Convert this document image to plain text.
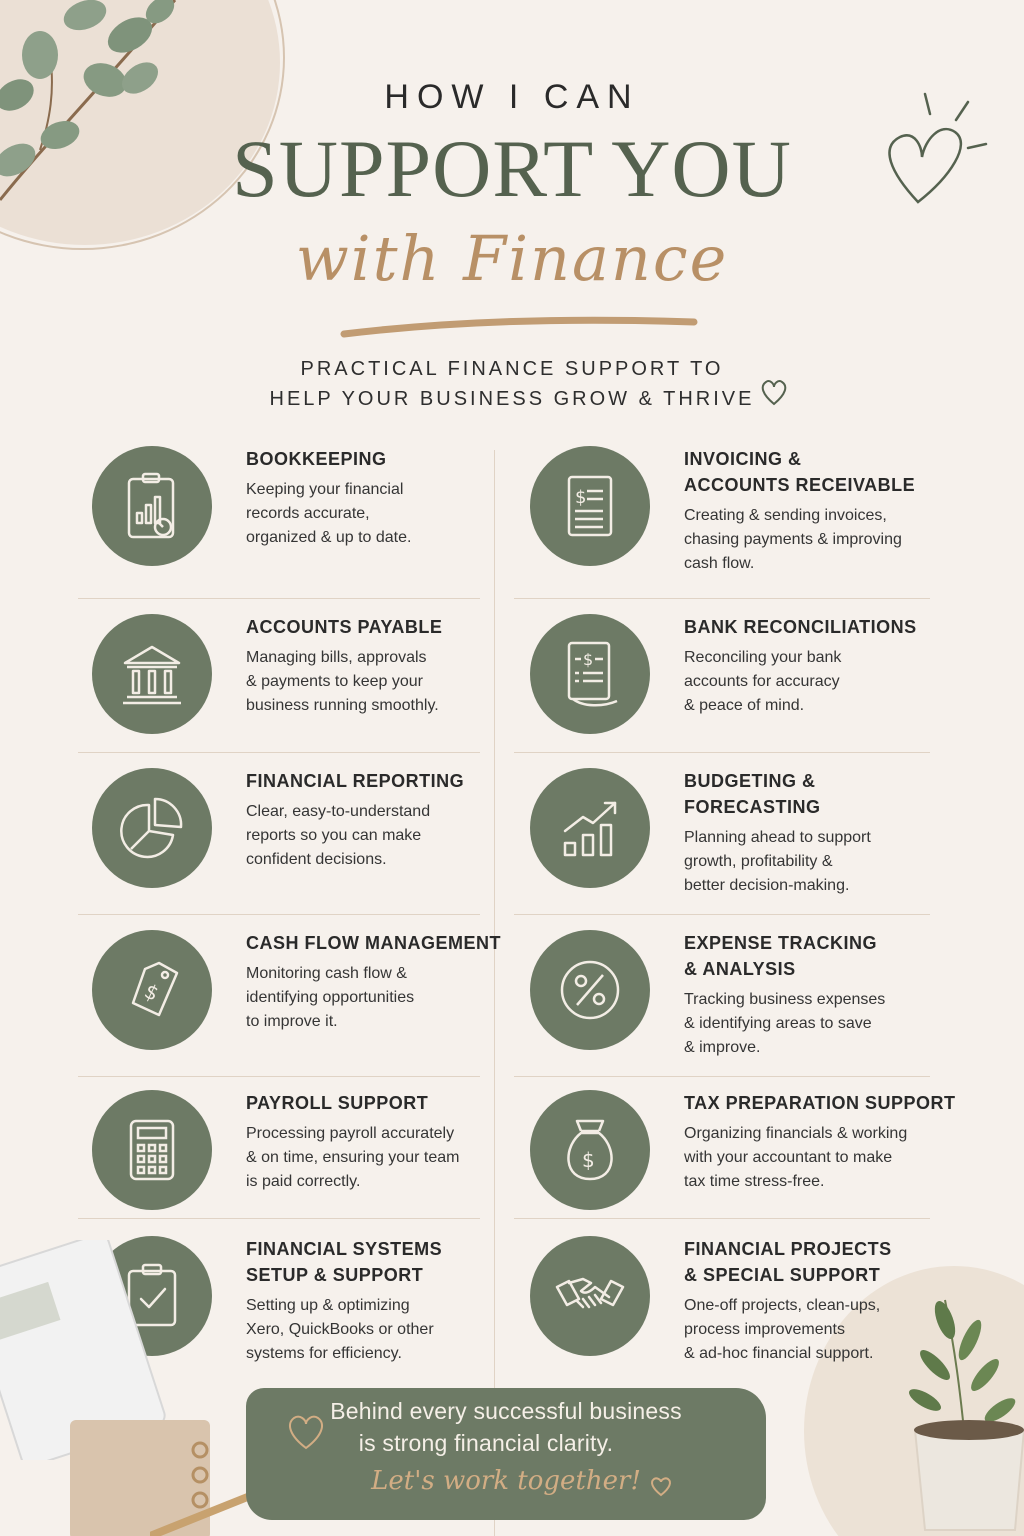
HOW I CAN
SUPPORT YOU
with Finance
PRACTICAL FINANCE SUPPORT TO
HELP YOUR BUSINESS GROW & THRIVE
BOOKKEEPING
Keeping your financial
records accurate,
organized & up to date.
$
INVOICING &
ACCOUNTS RECEIVABLE
Creating & sending invoices,
chasing payments & improving
cash flow.
ACCOUNTS PAYABLE
Managing bills, approvals
& payments to keep your
business running smoothly.
$
BANK RECONCILIATIONS
Reconciling your bank
accounts for accuracy
& peace of mind.
FINANCIAL REPORTING
Clear, easy-to-understand
reports so you can make
confident decisions.
BUDGETING &
FORECASTING
Planning ahead to support
growth, profitability &
better decision-making.
$
CASH FLOW MANAGEMENT
Monitoring cash flow &
identifying opportunities
to improve it.
EXPENSE TRACKING
& ANALYSIS
Tracking business expenses
& identifying areas to save
& improve.
PAYROLL SUPPORT
Processing payroll accurately
& on time, ensuring your team
is paid correctly.
$
TAX PREPARATION SUPPORT
Organizing financials & working
with your accountant to make
tax time stress-free.
FINANCIAL SYSTEMS
SETUP & SUPPORT
Setting up & optimizing
Xero, QuickBooks or other
systems for efficiency.
FINANCIAL PROJECTS
& SPECIAL SUPPORT
One-off projects, clean-ups,
process improvements
& ad-hoc financial support.
Behind every successful business
is strong financial clarity.
Let's work together!
